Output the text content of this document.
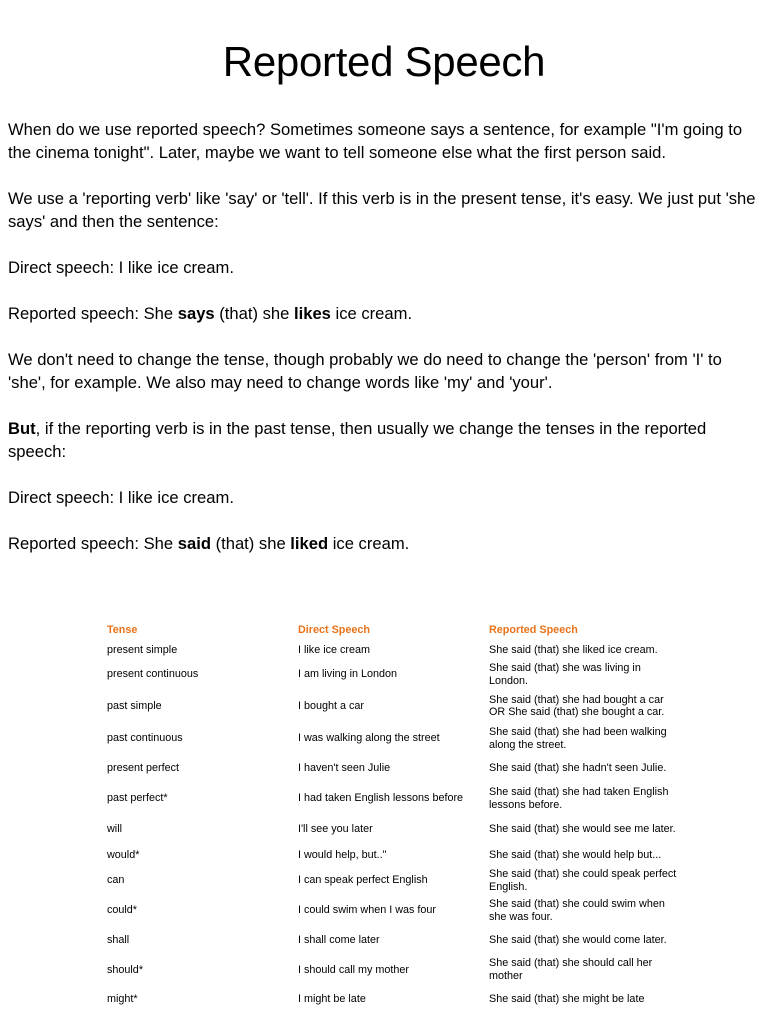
Reported Speech

When do we use reported speech? Sometimes someone says a sentence, for example "I'm going to the cinema tonight". Later, maybe we want to tell someone else what the first person said.

We use a 'reporting verb' like 'say' or 'tell'. If this verb is in the present tense, it's easy. We just put 'she says' and then the sentence:

Direct speech: I like ice cream.

Reported speech: She says (that) she likes ice cream.

We don't need to change the tense, though probably we do need to change the 'person' from 'I' to 'she', for example. We also may need to change words like 'my' and 'your'.

But, if the reporting verb is in the past tense, then usually we change the tenses in the reported speech:

Direct speech: I like ice cream.

Reported speech: She said (that) she liked ice cream.

Tense	Direct Speech	Reported Speech
present simple	I like ice cream	She said (that) she liked ice cream.
present continuous	I am living in London	She said (that) she was living in London.
past simple	I bought a car	She said (that) she had bought a car OR She said (that) she bought a car.
past continuous	I was walking along the street	She said (that) she had been walking along the street.
present perfect	I haven't seen Julie	She said (that) she hadn't seen Julie.
past perfect*	I had taken English lessons before	She said (that) she had taken English lessons before.
will	I'll see you later	She said (that) she would see me later.
would*	I would help, but.."	She said (that) she would help but...
can	I can speak perfect English	She said (that) she could speak perfect English.
could*	I could swim when I was four	She said (that) she could swim when she was four.
shall	I shall come later	She said (that) she would come later.
should*	I should call my mother	She said (that) she should call her mother
might*	I might be late	She said (that) she might be late
